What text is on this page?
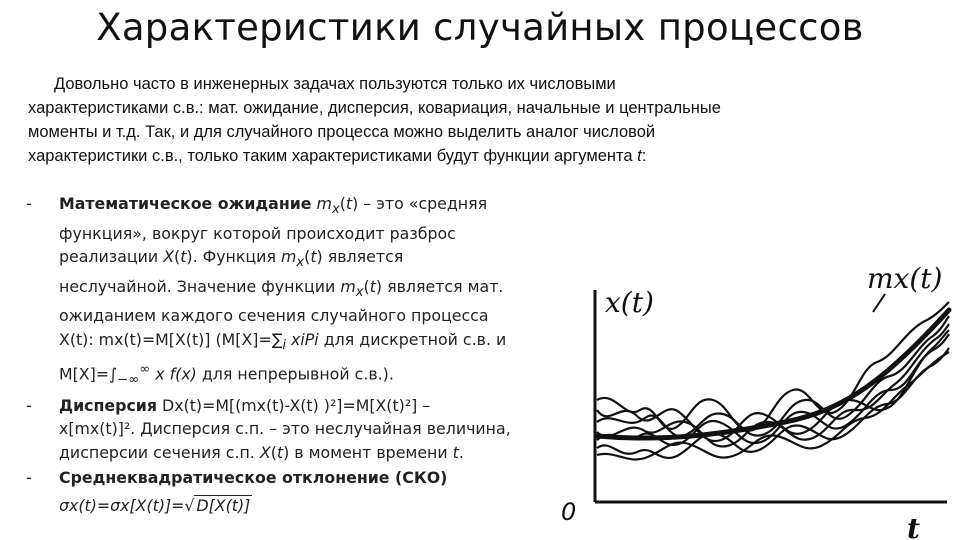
Характеристики случайных процессов
Довольно часто в инженерных задачах пользуются только их числовыми
характеристиками с.в.: мат. ожидание, дисперсия, ковариация, начальные и центральные
моменты и т.д. Так, и для случайного процесса можно выделить аналог числовой
характеристики с.в., только таким характеристиками будут функции аргумента t:
- Математическое ожидание $m_x(t)$ – это «средняя
функция», вокруг которой происходит разброс
реализации X(t). Функция $m_x(t)$ является
неслучайной. Значение функции $m_x(t)$ является мат.
ожиданием каждого сечения случайного процесса
X(t): mx(t)=M[X(t)] ($M[X]=\sum_i$ xiPi для дискретной с.в. и
$M[X]=\int_{-\infty}^\infty$ x f(x) для непрерывной с.в.).
- Дисперсия Dx(t)=M[(mx(t)-X(t) )²]=M[X(t)²] –
x[mx(t)]². Дисперсия с.п. – это неслучайная величина,
дисперсии сечения с.п. X(t) в момент времени t.
- Среднеквадратическое отклонение (СКО)
σx(t)=σx[X(t)]=√ D[X(t)]
x(t)
mx(t)
0	t
